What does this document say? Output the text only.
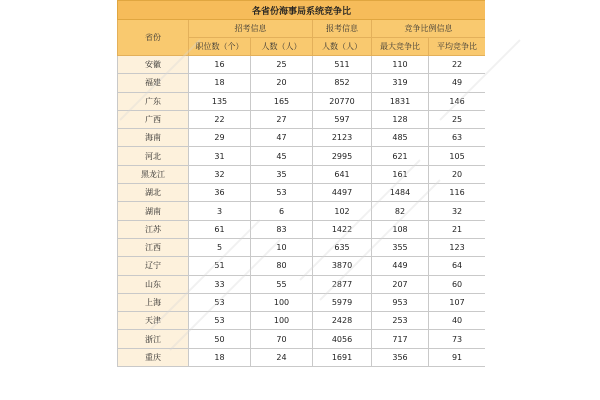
各省份海事局系统竞争比					
省份	招考信息		报考信息	竞争比例信息	
	职位数（个）	人数（人）	人数（人）	最大竞争比	平均竞争比
安徽	16	25	511	110	22
福建	18	20	852	319	49
广东	135	165	20770	1831	146
广西	22	27	597	128	25
海南	29	47	2123	485	63
河北	31	45	2995	621	105
黑龙江	32	35	641	161	20
湖北	36	53	4497	1484	116
湖南	3	6	102	82	32
江苏	61	83	1422	108	21
江西	5	10	635	355	123
辽宁	51	80	3870	449	64
山东	33	55	2877	207	60
上海	53	100	5979	953	107
天津	53	100	2428	253	40
浙江	50	70	4056	717	73
重庆	18	24	1691	356	91
